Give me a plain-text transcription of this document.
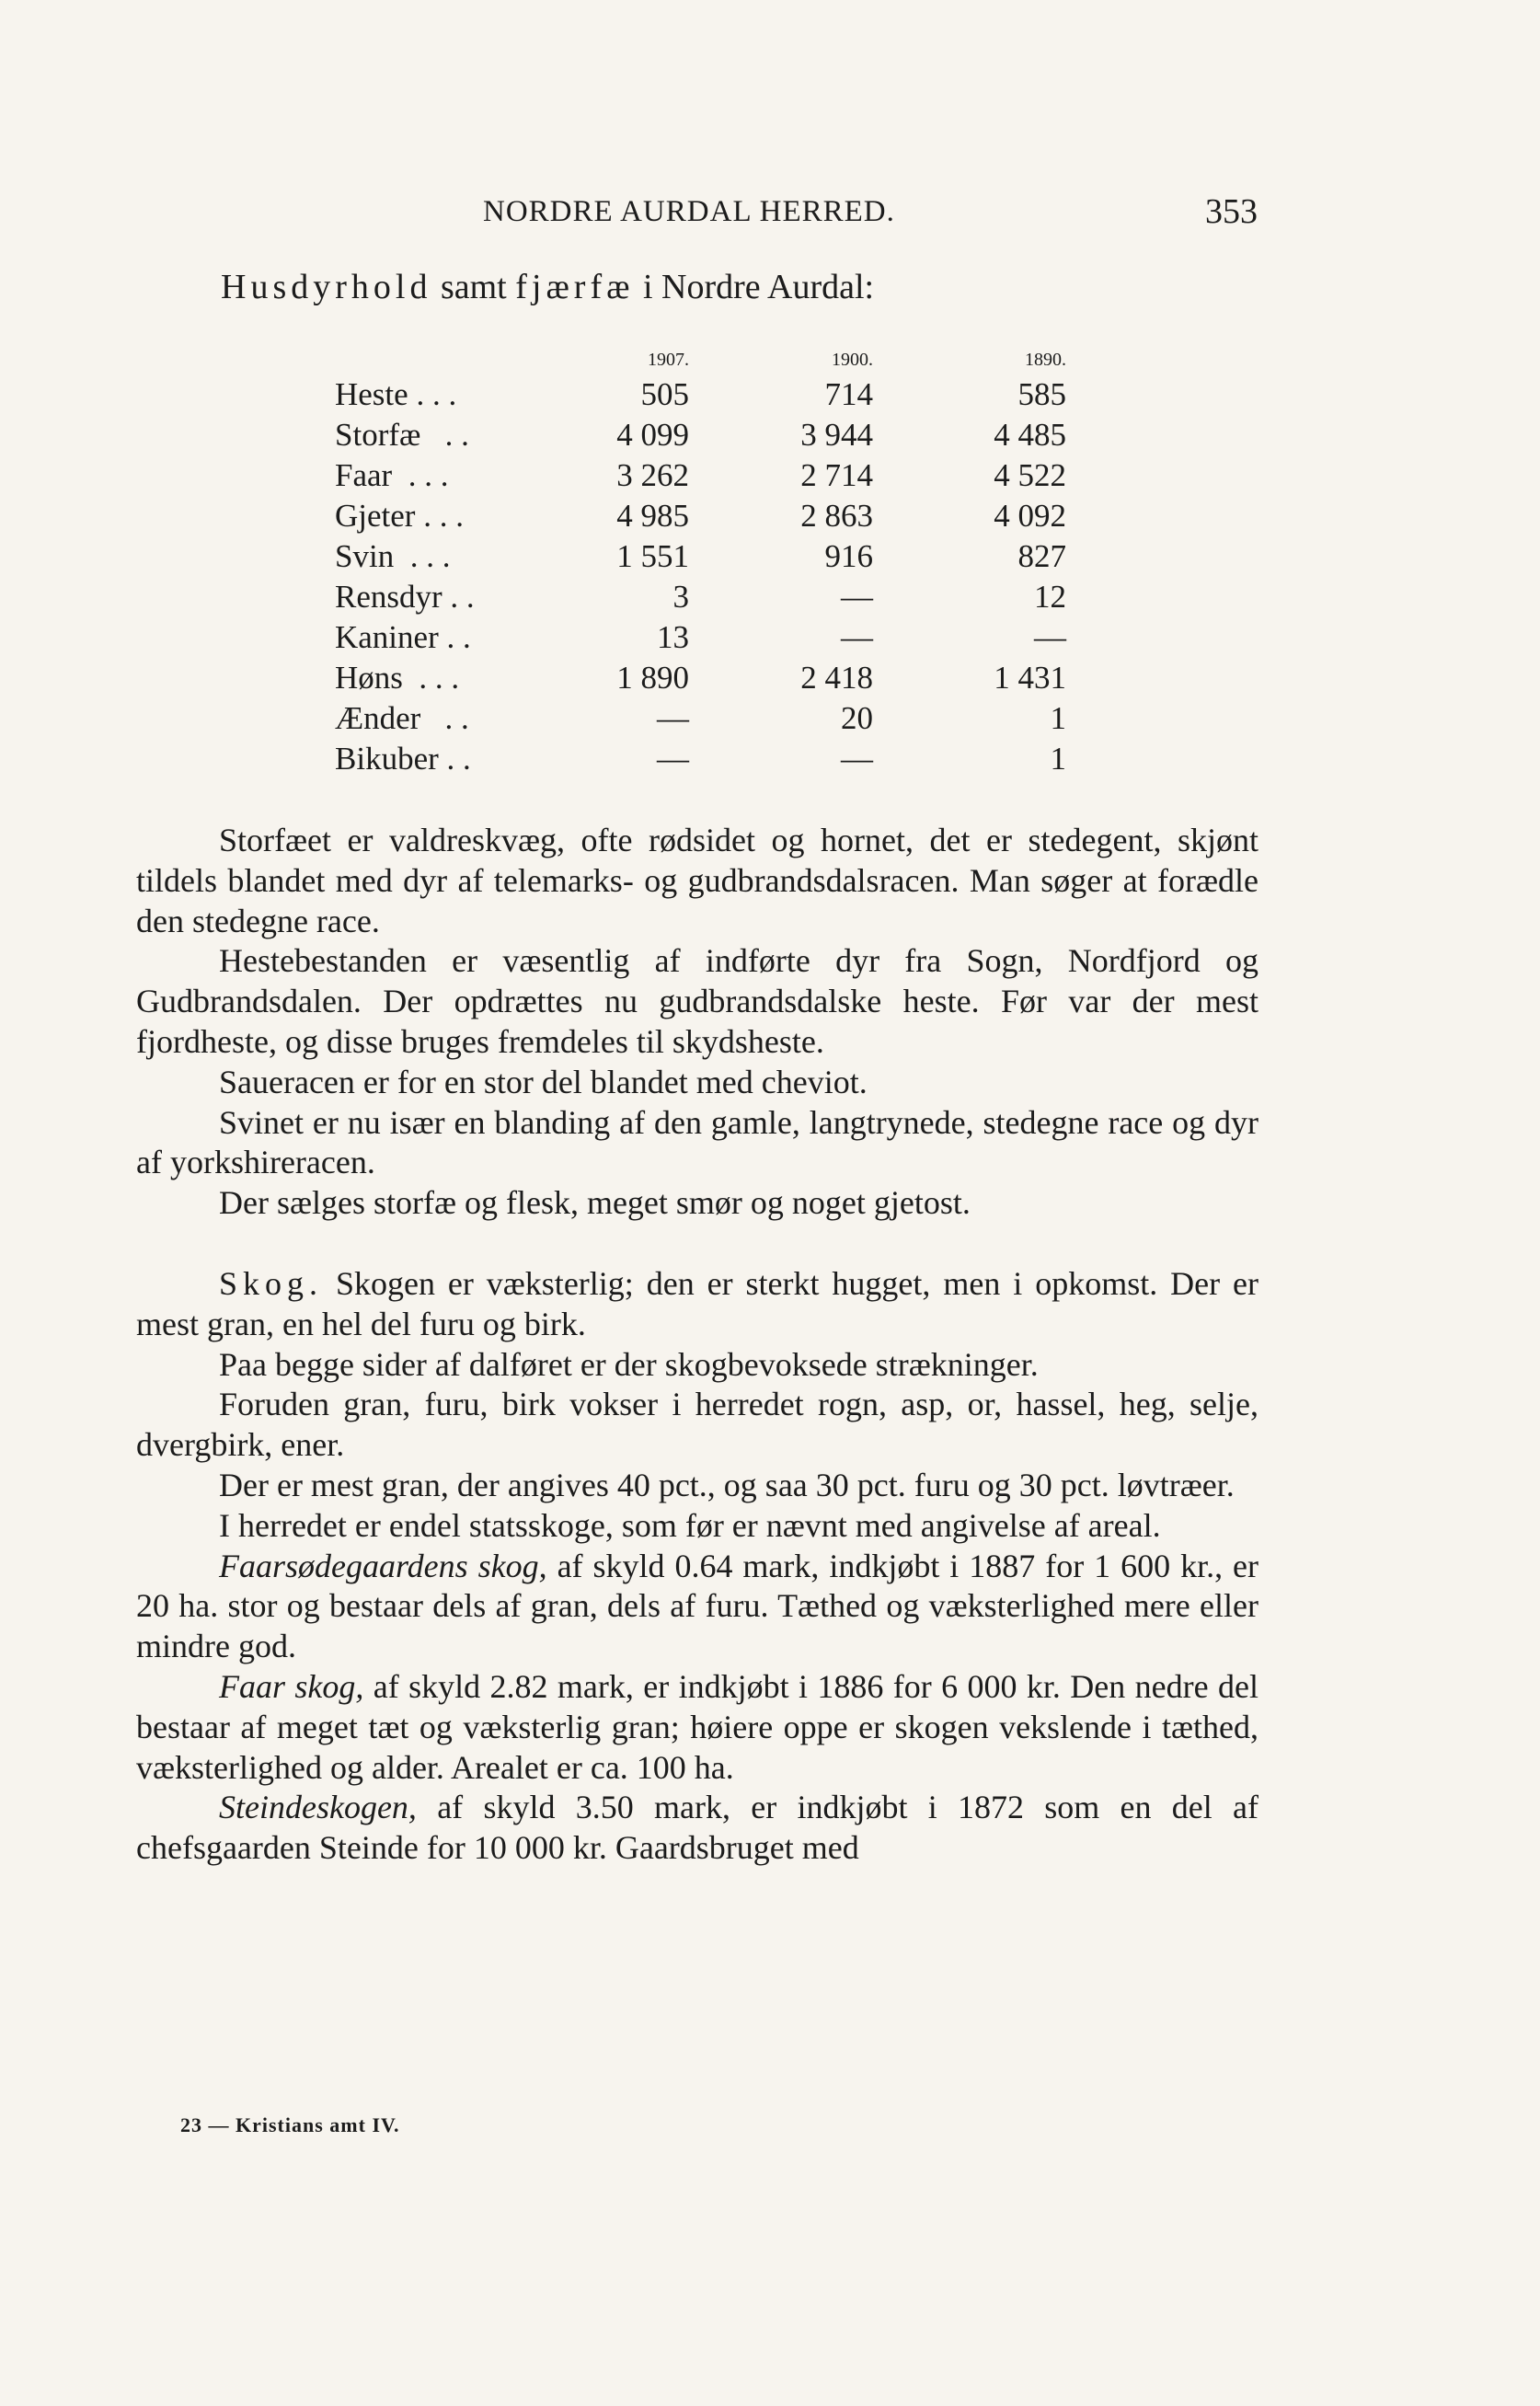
NORDRE AURDAL HERRED.	353
Husdyrhold samt fjærfæ i Nordre Aurdal:
	1907.	1900.	1890.
Heste . . .	505	714	585
Storfæ   . .	4 099	3 944	4 485
Faar  . . .	3 262	2 714	4 522
Gjeter . . .	4 985	2 863	4 092
Svin  . . .	1 551	916	827
Rensdyr . .	3	—	12
Kaniner . .	13	—	—
Høns  . . .	1 890	2 418	1 431
Ænder   . .	—	20	1
Bikuber . .	—	—	1

Storfæet er valdreskvæg, ofte rødsidet og hornet, det er stedegent, skjønt tildels blandet med dyr af telemarks- og gudbrandsdalsracen. Man søger at forædle den stedegne race.

Hestebestanden er væsentlig af indførte dyr fra Sogn, Nordfjord og Gudbrandsdalen. Der opdrættes nu gudbrandsdalske heste. Før var der mest fjordheste, og disse bruges fremdeles til skydsheste.

Saueracen er for en stor del blandet med cheviot.

Svinet er nu især en blanding af den gamle, langtrynede, stedegne race og dyr af yorkshireracen.

Der sælges storfæ og flesk, meget smør og noget gjetost.

Skog. Skogen er væksterlig; den er sterkt hugget, men i opkomst. Der er mest gran, en hel del furu og birk.

Paa begge sider af dalføret er der skogbevoksede strækninger.

Foruden gran, furu, birk vokser i herredet rogn, asp, or, hassel, heg, selje, dvergbirk, ener.

Der er mest gran, der angives 40 pct., og saa 30 pct. furu og 30 pct. løvtræer.

I herredet er endel statsskoge, som før er nævnt med angivelse af areal.

Faarsødegaardens skog, af skyld 0.64 mark, indkjøbt i 1887 for 1 600 kr., er 20 ha. stor og bestaar dels af gran, dels af furu. Tæthed og væksterlighed mere eller mindre god.

Faar skog, af skyld 2.82 mark, er indkjøbt i 1886 for 6 000 kr. Den nedre del bestaar af meget tæt og væksterlig gran; høiere oppe er skogen vekslende i tæthed, væksterlighed og alder. Arealet er ca. 100 ha.

Steindeskogen, af skyld 3.50 mark, er indkjøbt i 1872 som en del af chefsgaarden Steinde for 10 000 kr. Gaardsbruget med

23 — Kristians amt IV.
